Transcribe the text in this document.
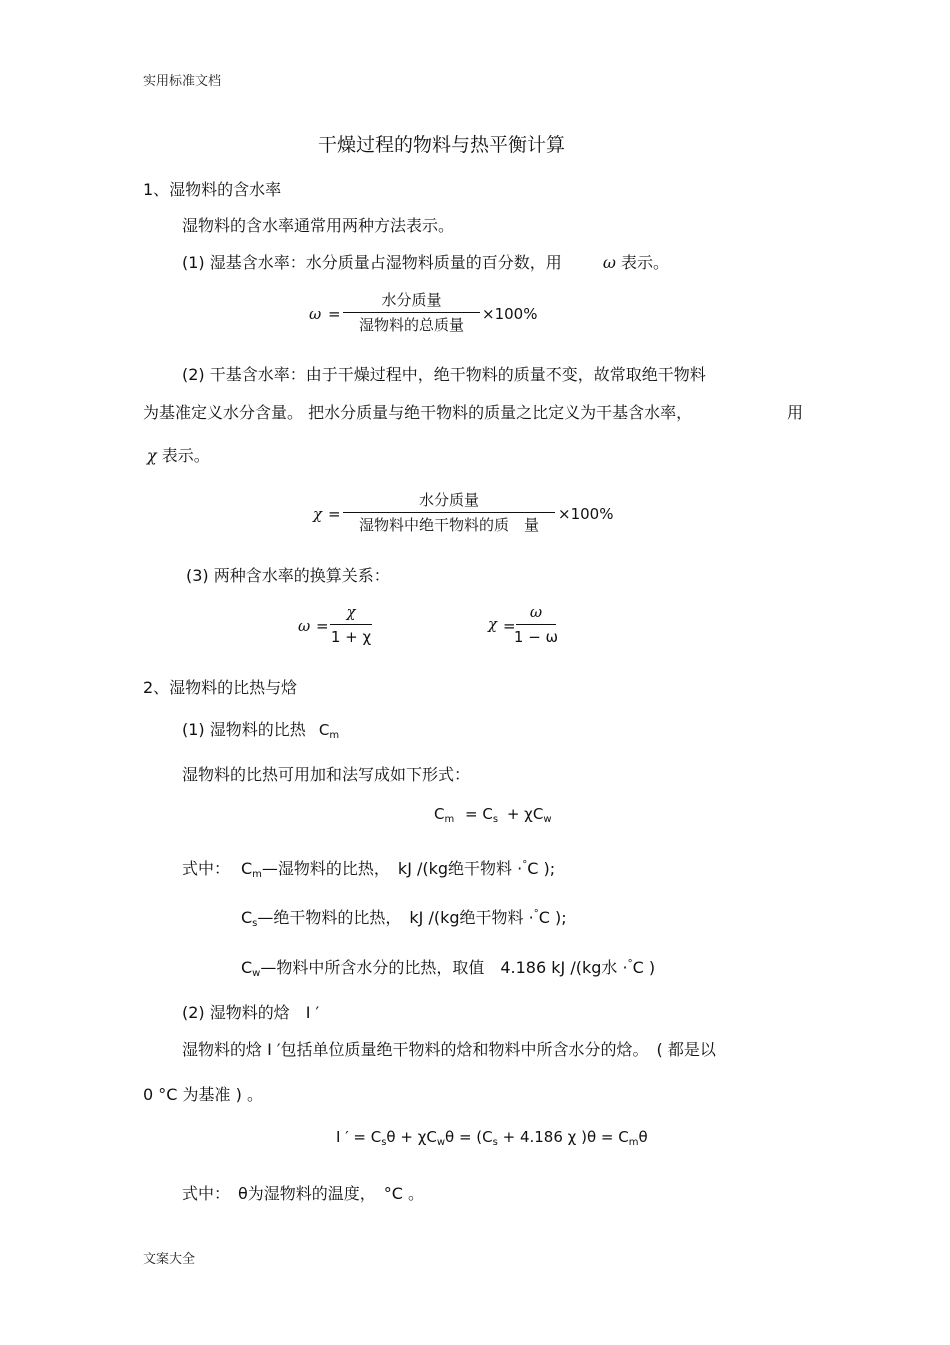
实用标准文档
干燥过程的物料与热平衡计算
1、湿物料的含水率
湿物料的含水率通常用两种方法表示。
(1) 湿基含水率：水分质量占湿物料质量的百分数，用	ω 表示。
ω =
水分质量
湿物料的总质量
×100%
(2) 干基含水率：由于干燥过程中，绝干物料的质量不变，故常取绝干物料
为基准定义水分含量。 把水分质量与绝干物料的质量之比定义为干基含水率，	用
χ 表示。
χ =
水分质量
湿物料中绝干物料的质　量
×100%
(3) 两种含水率的换算关系：
ω =
χ
1 + χ
χ =
ω
1 − ω
2、湿物料的比热与焓
(1) 湿物料的比热 $C_m$
湿物料的比热可用加和法写成如下形式：
$C_m = C_s + \chi C_w$
式中： $C_m—$湿物料的比热，　kJ /(kg绝干物料 ·°C );
$C_s—$绝干物料的比热，　kJ /(kg绝干物料 ·°C );
$C_w—$物料中所含水分的比热，取值　4.186 kJ /(kg水 ·°C )
(2) 湿物料的焓　I ′
湿物料的焓 I ′包括单位质量绝干物料的焓和物料中所含水分的焓。　( 都是以
0 °C 为基准 ) 。
I ′ = $C_s\theta + \chi C_w\theta = (C_s + 4.186$ χ )$\theta = C_m\theta$
式中：　θ为湿物料的温度，　°C 。
文案大全
